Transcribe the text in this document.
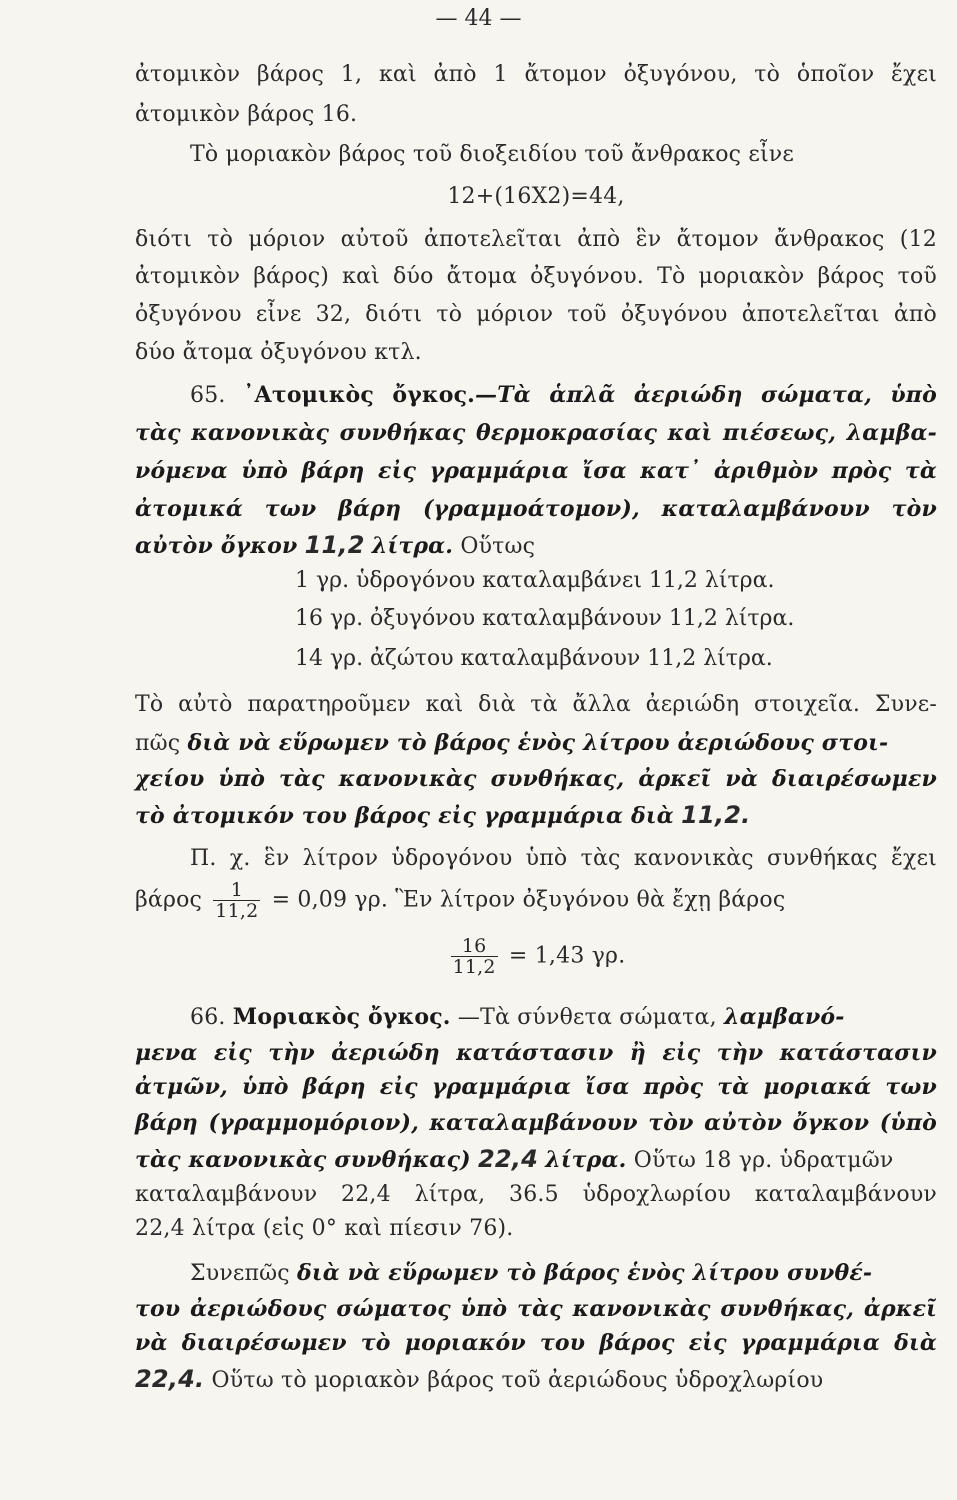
— 44 —
ἀτομικὸν βάρος 1, καὶ ἀπὸ 1 ἄτομον ὀξυγόνου, τὸ ὁποῖον ἔχει
ἀτομικὸν βάρος 16.
Τὸ μοριακὸν βάρος τοῦ διοξειδίου τοῦ ἄνθρακος εἶνε
12+(16X2)=44,
διότι τὸ μόριον αὐτοῦ ἀποτελεῖται ἀπὸ ἓν ἄτομον ἄνθρακος (12
ἀτομικὸν βάρος) καὶ δύο ἄτομα ὀξυγόνου. Τὸ μοριακὸν βάρος τοῦ
ὀξυγόνου εἶνε 32, διότι τὸ μόριον τοῦ ὀξυγόνου ἀποτελεῖται ἀπὸ
δύο ἄτομα ὀξυγόνου κτλ.
65. ᾿Ατομικὸς ὄγκος.—Τὰ ἁπλᾶ ἀεριώδη σώματα, ὑπὸ
τὰς κανονικὰς συνθήκας θερμοκρασίας καὶ πιέσεως, λαμβα-
νόμενα ὑπὸ βάρη εἰς γραμμάρια ἴσα κατ᾿ ἀριθμὸν πρὸς τὰ
ἀτομικά των βάρη (γραμμοάτομον), καταλαμβάνουν τὸν
αὐτὸν ὄγκον 11,2 λίτρα. Οὕτως
1 γρ. ὑδρογόνου καταλαμβάνει 11,2 λίτρα.
16 γρ. ὀξυγόνου καταλαμβάνουν 11,2 λίτρα.
14 γρ. ἀζώτου καταλαμβάνουν 11,2 λίτρα.
Τὸ αὐτὸ παρατηροῦμεν καὶ διὰ τὰ ἄλλα ἀεριώδη στοιχεῖα. Συνε-
πῶς διὰ νὰ εὕρωμεν τὸ βάρος ἑνὸς λίτρου ἀεριώδους στοι-
χείου ὑπὸ τὰς κανονικὰς συνθήκας, ἀρκεῖ νὰ διαιρέσωμεν
τὸ ἀτομικόν του βάρος εἰς γραμμάρια διὰ 11,2.
Π. χ. ἓν λίτρον ὑδρογόνου ὑπὸ τὰς κανονικὰς συνθήκας ἔχει
βάρος $\frac{1}{11,2} = 0,09$ γρ. Ἓν λίτρον ὀξυγόνου θὰ ἔχῃ βάρος
$\frac{16}{11,2} = 1,43$ γρ.
66. Μοριακὸς ὄγκος. —Τὰ σύνθετα σώματα, λαμβανό-
μενα εἰς τὴν ἀεριώδη κατάστασιν ἢ εἰς τὴν κατάστασιν
ἀτμῶν, ὑπὸ βάρη εἰς γραμμάρια ἴσα πρὸς τὰ μοριακά των
βάρη (γραμμομόριον), καταλαμβάνουν τὸν αὐτὸν ὄγκον (ὑπὸ
τὰς κανονικὰς συνθήκας) 22,4 λίτρα. Οὕτω 18 γρ. ὑδρατμῶν
καταλαμβάνουν 22,4 λίτρα, 36.5 ὑδροχλωρίου καταλαμβάνουν
22,4 λίτρα (εἰς 0° καὶ πίεσιν 76).
Συνεπῶς διὰ νὰ εὕρωμεν τὸ βάρος ἑνὸς λίτρου συνθέ-
του ἀεριώδους σώματος ὑπὸ τὰς κανονικὰς συνθήκας, ἀρκεῖ
νὰ διαιρέσωμεν τὸ μοριακόν του βάρος εἰς γραμμάρια διὰ
22,4. Οὕτω τὸ μοριακὸν βάρος τοῦ ἀεριώδους ὑδροχλωρίου
